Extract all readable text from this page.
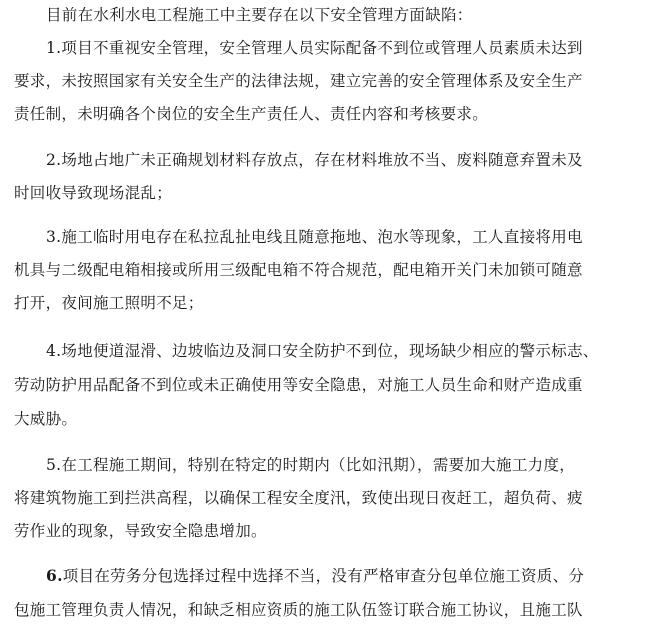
目前在水利水电工程施工中主要存在以下安全管理方面缺陷：
1.项目不重视安全管理，安全管理人员实际配备不到位或管理人员素质未达到
要求，未按照国家有关安全生产的法律法规，建立完善的安全管理体系及安全生产
责任制，未明确各个岗位的安全生产责任人、责任内容和考核要求。
2.场地占地广未正确规划材料存放点，存在材料堆放不当、废料随意弃置未及
时回收导致现场混乱；
3.施工临时用电存在私拉乱扯电线且随意拖地、泡水等现象，工人直接将用电
机具与二级配电箱相接或所用三级配电箱不符合规范，配电箱开关门未加锁可随意
打开，夜间施工照明不足；
4.场地便道湿滑、边坡临边及洞口安全防护不到位，现场缺少相应的警示标志、
劳动防护用品配备不到位或未正确使用等安全隐患，对施工人员生命和财产造成重
大威胁。
5.在工程施工期间，特别在特定的时期内（比如汛期），需要加大施工力度，
将建筑物施工到拦洪高程，以确保工程安全度汛，致使出现日夜赶工，超负荷、疲
劳作业的现象，导致安全隐患增加。
6.项目在劳务分包选择过程中选择不当，没有严格审查分包单位施工资质、分
包施工管理负责人情况，和缺乏相应资质的施工队伍签订联合施工协议，且施工队
